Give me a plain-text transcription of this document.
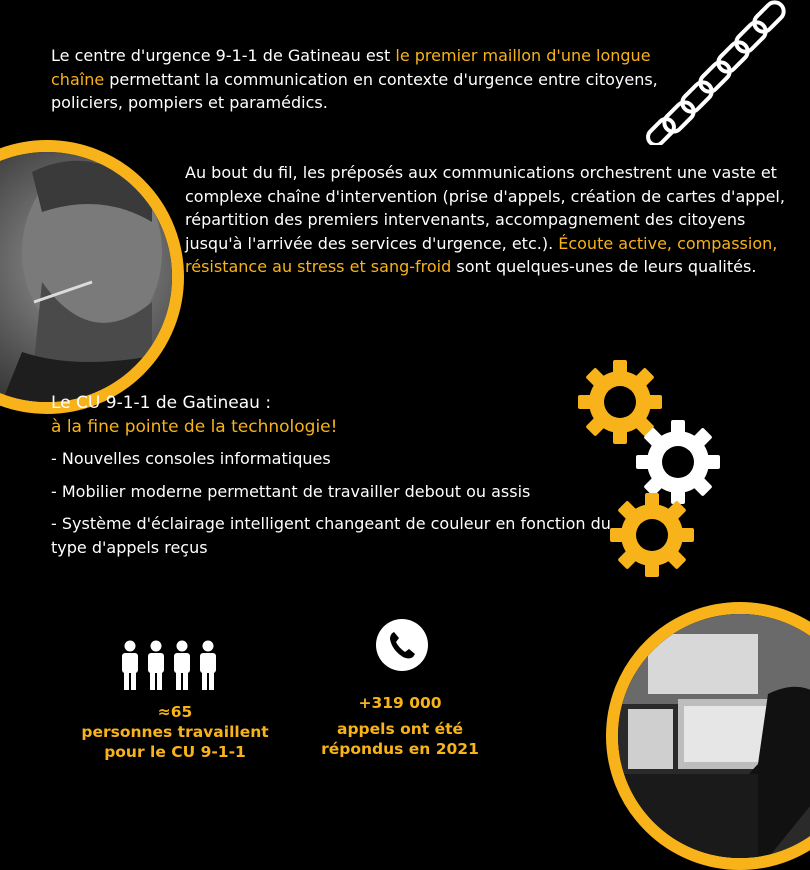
Le centre d'urgence 9-1-1 de Gatineau est le premier maillon d'une longue chaîne permettant la communication en contexte d'urgence entre citoyens, policiers, pompiers et paramédics.

Au bout du fil, les préposés aux communications orchestrent une vaste et complexe chaîne d'intervention (prise d'appels, création de cartes d'appel, répartition des premiers intervenants, accompagnement des citoyens jusqu'à l'arrivée des services d'urgence, etc.). Écoute active, compassion, résistance au stress et sang-froid sont quelques-unes de leurs qualités.

Le CU 9-1-1 de Gatineau :
à la fine pointe de la technologie!
- Nouvelles consoles informatiques
- Mobilier moderne permettant de travailler debout ou assis
- Système d'éclairage intelligent changeant de couleur en fonction du type d'appels reçus
≈65
personnes travaillent
pour le CU 9-1-1
+319 000
appels ont été
répondus en 2021
